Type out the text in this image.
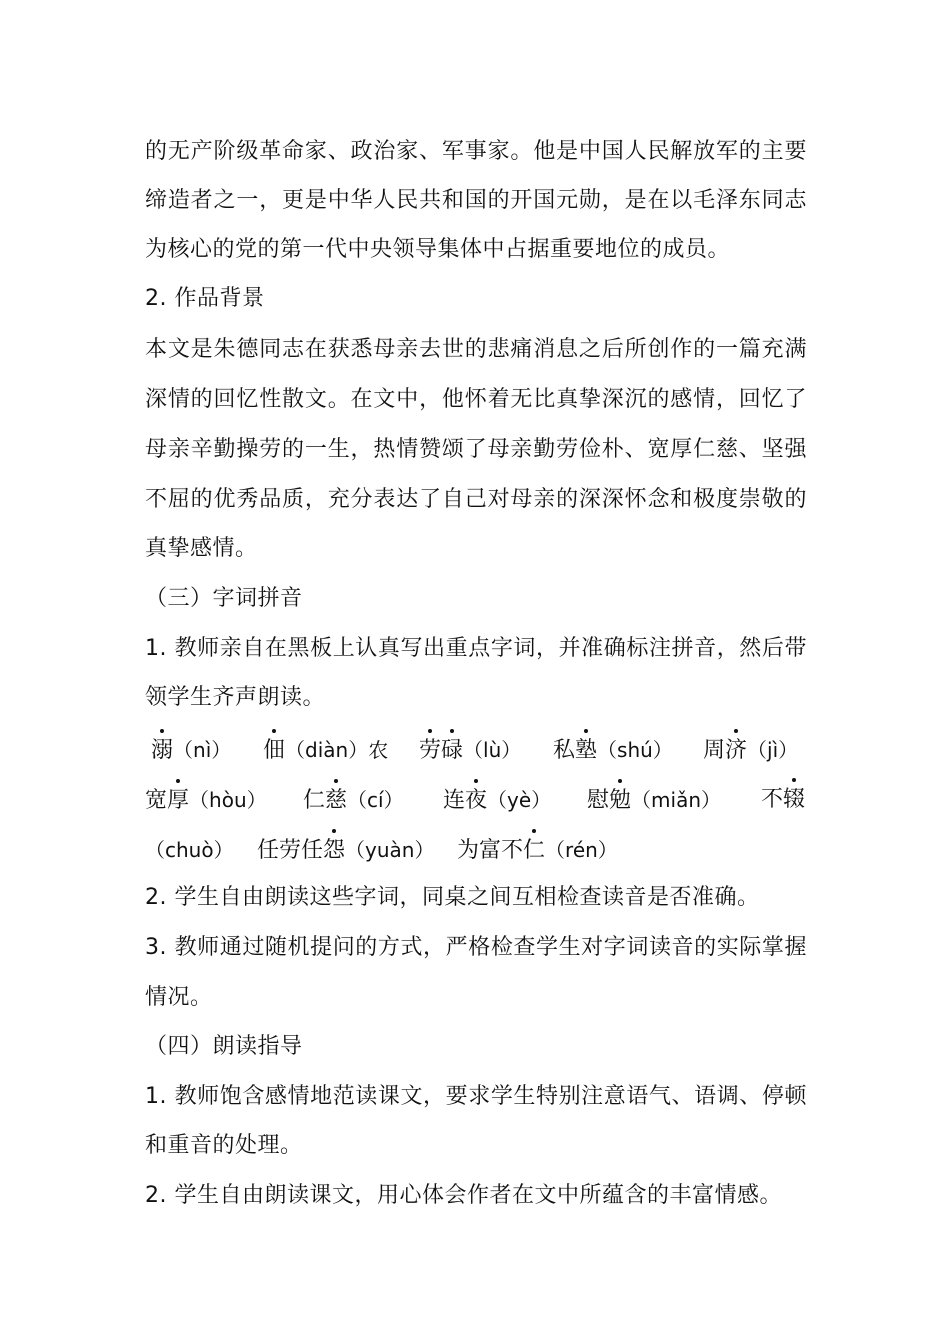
的无产阶级革命家、政治家、军事家。他是中国人民解放军的主要
缔造者之一，更是中华人民共和国的开国元勋，是在以毛泽东同志
为核心的党的第一代中央领导集体中占据重要地位的成员。
2. 作品背景
本文是朱德同志在获悉母亲去世的悲痛消息之后所创作的一篇充满
深情的回忆性散文。在文中，他怀着无比真挚深沉的感情，回忆了
母亲辛勤操劳的一生，热情赞颂了母亲勤劳俭朴、宽厚仁慈、坚强
不屈的优秀品质，充分表达了自己对母亲的深深怀念和极度崇敬的
真挚感情。
（三）字词拼音
1. 教师亲自在黑板上认真写出重点字词，并准确标注拼音，然后带
领学生齐声朗读。
溺（nì） 佃（diàn）农 劳碌（lù） 私塾（shú） 周济（jì）
宽厚（hòu） 仁慈（cí） 连夜（yè） 慰勉（miǎn） 不辍
（chuò） 任劳任怨（yuàn） 为富不仁（rén）
2. 学生自由朗读这些字词，同桌之间互相检查读音是否准确。
3. 教师通过随机提问的方式，严格检查学生对字词读音的实际掌握
情况。
（四）朗读指导
1. 教师饱含感情地范读课文，要求学生特别注意语气、语调、停顿
和重音的处理。
2. 学生自由朗读课文，用心体会作者在文中所蕴含的丰富情感。
